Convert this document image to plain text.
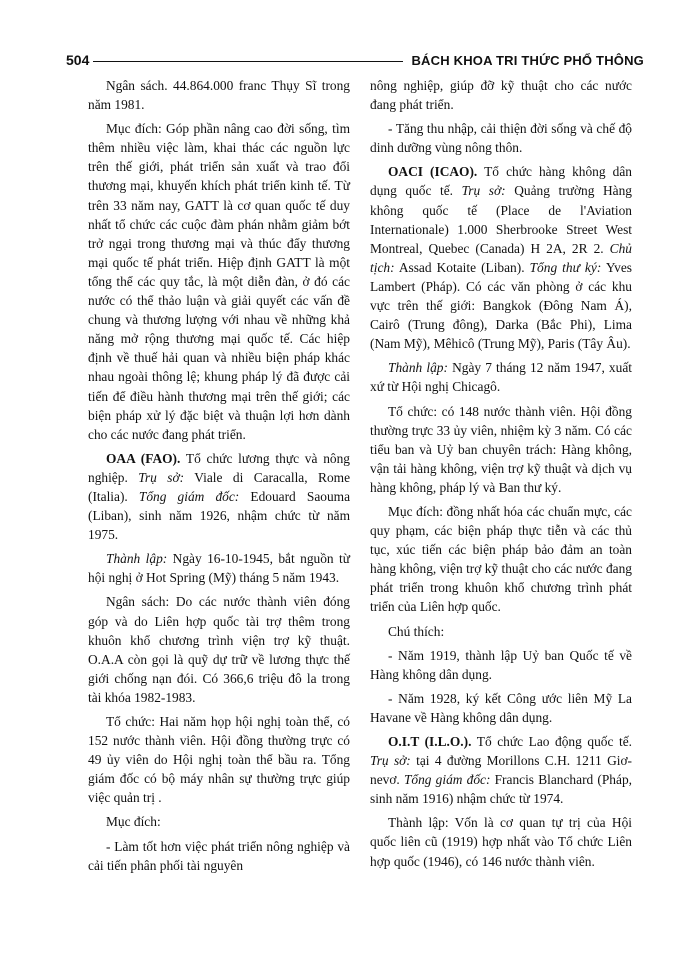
504	BÁCH KHOA TRI THỨC PHỔ THÔNG

Ngân sách. 44.864.000 franc Thụy Sĩ trong năm 1981.

Mục đích: Góp phần nâng cao đời sống, tìm thêm nhiều việc làm, khai thác các nguồn lực trên thế giới, phát triển sản xuất và trao đổi thương mại, khuyến khích phát triển kinh tế. Từ trên 33 năm nay, GATT là cơ quan quốc tế duy nhất tổ chức các cuộc đàm phán nhằm giảm bớt trở ngại trong thương mại và thúc đẩy thương mại quốc tế phát triển. Hiệp định GATT là một tổng thể các quy tắc, là một diễn đàn, ở đó các nước có thể thảo luận và giải quyết các vấn đề chung và thương lượng với nhau về những khả năng mở rộng thương mại quốc tế. Các hiệp định về thuế hải quan và nhiều biện pháp khác nhau ngoài thông lệ; khung pháp lý đã được cải tiến để điều hành thương mại trên thế giới; các biện pháp xử lý đặc biệt và thuận lợi hơn dành cho các nước đang phát triển.

OAA (FAO). Tổ chức lương thực và nông nghiệp. Trụ sở: Viale di Caracalla, Rome (Italia). Tổng giám đốc: Edouard Saouma (Liban), sinh năm 1926, nhậm chức từ năm 1975.

Thành lập: Ngày 16-10-1945, bắt nguồn từ hội nghị ở Hot Spring (Mỹ) tháng 5 năm 1943.

Ngân sách: Do các nước thành viên đóng góp và do Liên hợp quốc tài trợ thêm trong khuôn khổ chương trình viện trợ kỹ thuật. O.A.A còn gọi là quỹ dự trữ về lương thực thế giới chống nạn đói. Có 366,6 triệu đô la trong tài khóa 1982-1983.

Tổ chức: Hai năm họp hội nghị toàn thể, có 152 nước thành viên. Hội đồng thường trực có 49 ủy viên do Hội nghị toàn thể bầu ra. Tổng giám đốc có bộ máy nhân sự thường trực giúp việc quản trị .

Mục đích:

- Làm tốt hơn việc phát triển nông nghiệp và cải tiến phân phối tài nguyên

nông nghiệp, giúp đỡ kỹ thuật cho các nước đang phát triển.

- Tăng thu nhập, cải thiện đời sống và chế độ dinh dưỡng vùng nông thôn.

OACI (ICAO). Tổ chức hàng không dân dụng quốc tế. Trụ sở: Quảng trường Hàng không quốc tế (Place de l'Aviation Internationale) 1.000 Sherbrooke Street West Montreal, Quebec (Canada) H 2A, 2R 2. Chủ tịch: Assad Kotaite (Liban). Tổng thư ký: Yves Lambert (Pháp). Có các văn phòng ở các khu vực trên thế giới: Bangkok (Đông Nam Á), Cairô (Trung đông), Darka (Bắc Phi), Lima (Nam Mỹ), Mêhicô (Trung Mỹ), Paris (Tây Âu).

Thành lập: Ngày 7 tháng 12 năm 1947, xuất xứ từ Hội nghị Chicagô.

Tổ chức: có 148 nước thành viên. Hội đồng thường trực 33 ủy viên, nhiệm kỳ 3 năm. Có các tiểu ban và Uỷ ban chuyên trách: Hàng không, vận tải hàng không, viện trợ kỹ thuật và dịch vụ hàng không, pháp lý và Ban thư ký.

Mục đích: đồng nhất hóa các chuẩn mực, các quy phạm, các biện pháp thực tiễn và các thủ tục, xúc tiến các biện pháp bảo đảm an toàn hàng không, viện trợ kỹ thuật cho các nước đang phát triển trong khuôn khổ chương trình phát triển của Liên hợp quốc.

Chú thích:

- Năm 1919, thành lập Uỷ ban Quốc tế về Hàng không dân dụng.

- Năm 1928, ký kết Công ước liên Mỹ La Havane về Hàng không dân dụng.

O.I.T (I.L.O.). Tổ chức Lao động quốc tế. Trụ sở: tại 4 đường Morillons C.H. 1211 Giơ-nevơ. Tổng giám đốc: Francis Blanchard (Pháp, sinh năm 1916) nhậm chức từ 1974.

Thành lập: Vốn là cơ quan tự trị của Hội quốc liên cũ (1919) hợp nhất vào Tổ chức Liên hợp quốc (1946), có 146 nước thành viên.
